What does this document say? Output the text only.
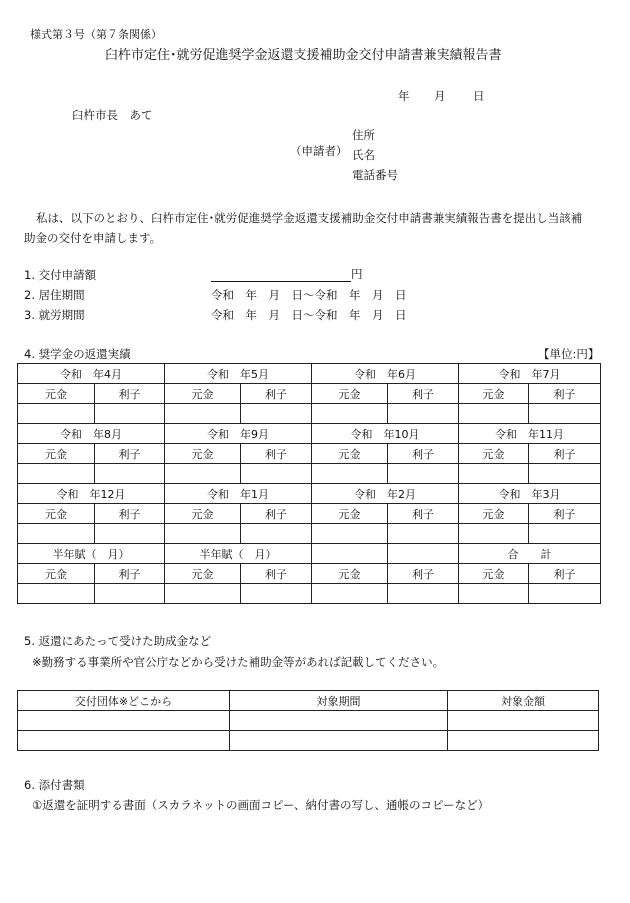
様式第３号（第７条関係）
臼杵市定住･就労促進奨学金返還支援補助金交付申請書兼実績報告書
年 月 日
臼杵市長　あて
（申請者）
住所
氏名
電話番号
私は、以下のとおり、臼杵市定住･就労促進奨学金返還支援補助金交付申請書兼実績報告書を提出し当該補
助金の交付を申請します。
1. 交付申請額	円
2. 居住期間	令和　年　月　日～令和　年　月　日
3. 就労期間	令和　年　月　日～令和　年　月　日
4. 奨学金の返還実績	【単位:円】
令和　年4月		令和　年5月		令和　年6月		令和　年7月	
元金	利子	元金	利子	元金	利子	元金	利子

令和　年8月		令和　年9月		令和　年10月		令和　年11月	
元金	利子	元金	利子	元金	利子	元金	利子

令和　年12月		令和　年1月		令和　年2月		令和　年3月	
元金	利子	元金	利子	元金	利子	元金	利子

半年賦（　月）		半年賦（　月）				合　　計	
元金	利子	元金	利子	元金	利子	元金	利子

5. 返還にあたって受けた助成金など
※勤務する事業所や官公庁などから受けた補助金等があれば記載してください。
交付団体※どこから	対象期間	対象金額

6. 添付書類
①返還を証明する書面（スカラネットの画面コピー、納付書の写し、通帳のコピーなど）
